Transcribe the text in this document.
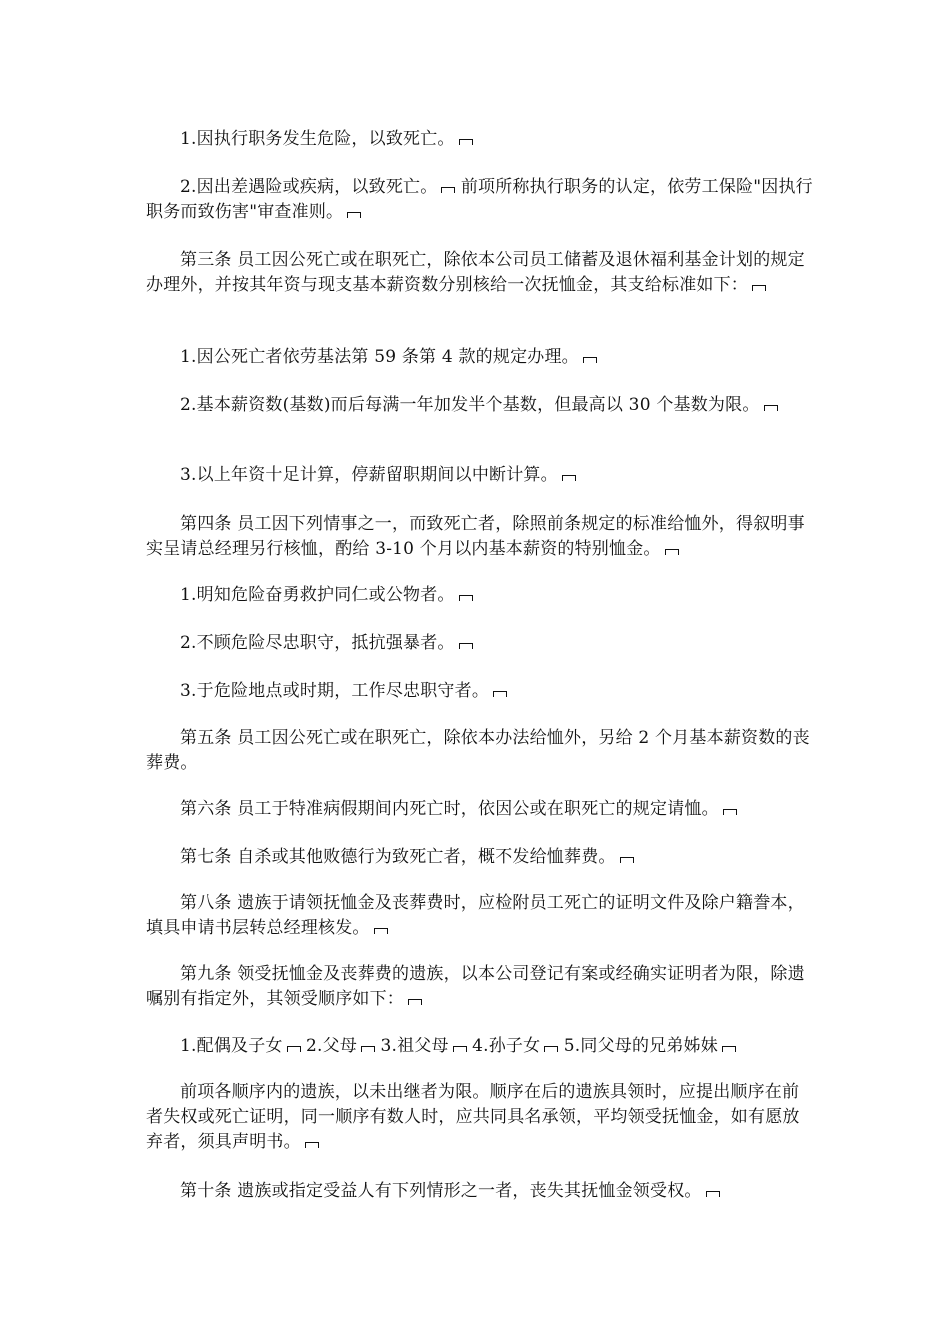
1.因执行职务发生危险，以致死亡。

2.因出差遇险或疾病，以致死亡。 前项所称执行职务的认定，依劳工保险"因执行职务而致伤害"审查准则。

第三条 员工因公死亡或在职死亡，除依本公司员工储蓄及退休福利基金计划的规定办理外，并按其年资与现支基本薪资数分别核给一次抚恤金，其支给标准如下：

1.因公死亡者依劳基法第 59 条第 4 款的规定办理。

2.基本薪资数(基数)而后每满一年加发半个基数，但最高以 30 个基数为限。

3.以上年资十足计算，停薪留职期间以中断计算。

第四条 员工因下列情事之一，而致死亡者，除照前条规定的标准给恤外，得叙明事实呈请总经理另行核恤，酌给 3-10 个月以内基本薪资的特别恤金。

1.明知危险奋勇救护同仁或公物者。

2.不顾危险尽忠职守，抵抗强暴者。

3.于危险地点或时期，工作尽忠职守者。

第五条 员工因公死亡或在职死亡，除依本办法给恤外，另给 2 个月基本薪资数的丧葬费。

第六条 员工于特准病假期间内死亡时，依因公或在职死亡的规定请恤。

第七条 自杀或其他败德行为致死亡者，概不发给恤葬费。

第八条 遗族于请领抚恤金及丧葬费时，应检附员工死亡的证明文件及除户籍誊本，填具申请书层转总经理核发。

第九条 领受抚恤金及丧葬费的遗族，以本公司登记有案或经确实证明者为限，除遗嘱别有指定外，其领受顺序如下：

1.配偶及子女 2.父母 3.祖父母 4.孙子女 5.同父母的兄弟姊妹

前项各顺序内的遗族，以未出继者为限。顺序在后的遗族具领时，应提出顺序在前者失权或死亡证明，同一顺序有数人时，应共同具名承领，平均领受抚恤金，如有愿放弃者，须具声明书。

第十条 遗族或指定受益人有下列情形之一者，丧失其抚恤金领受权。
